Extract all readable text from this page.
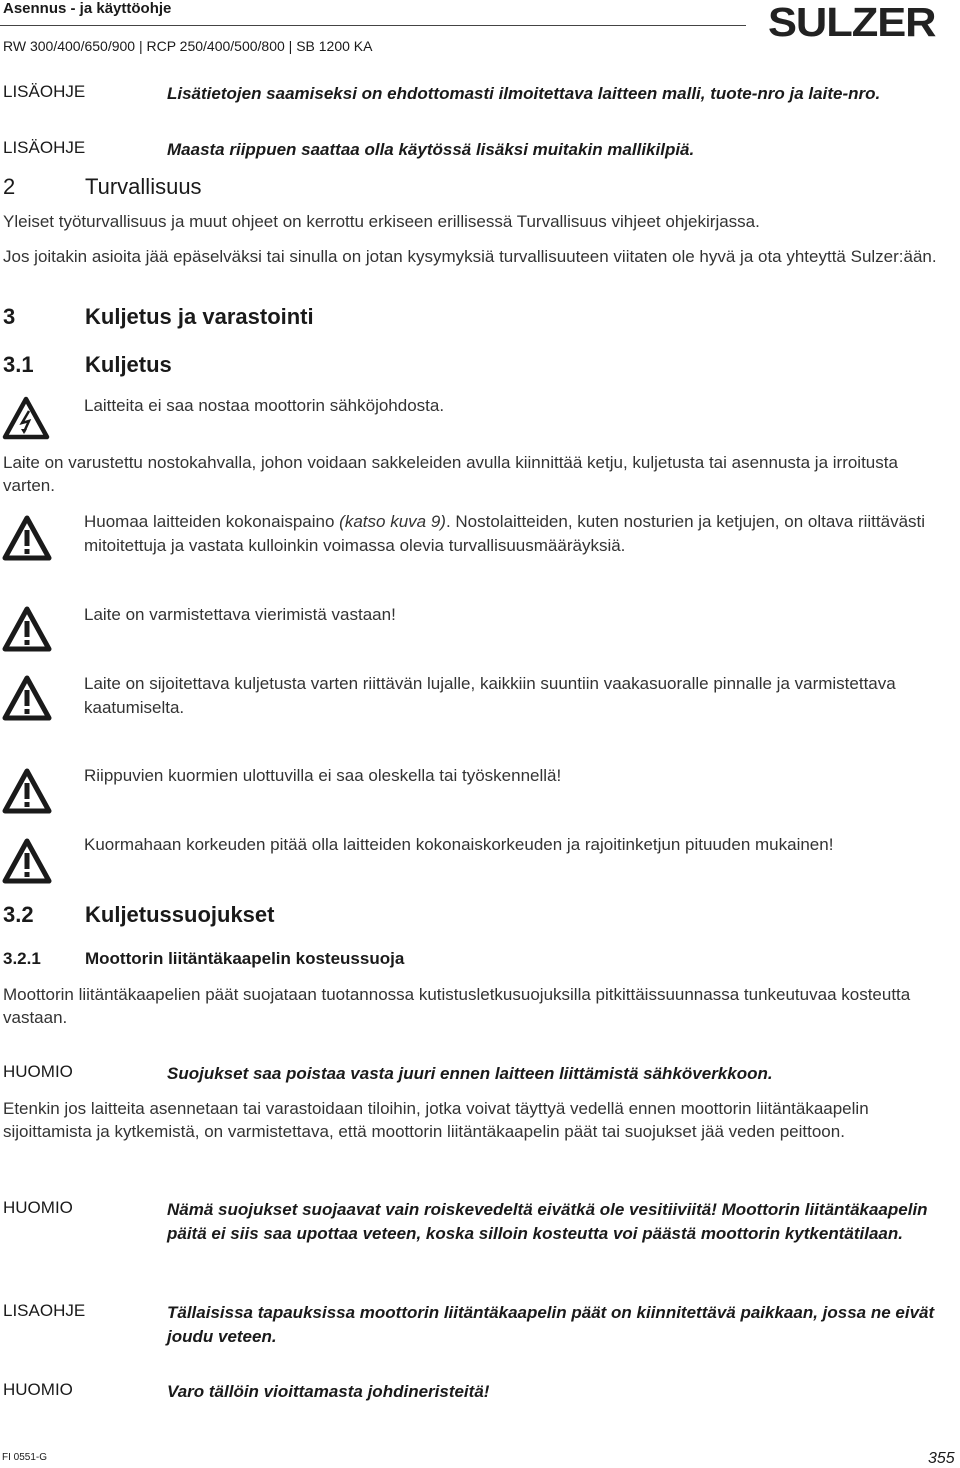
Asennus - ja käyttöohje
RW 300/400/650/900 | RCP 250/400/500/800 | SB 1200 KA
SULZER
LISÄOHJE	Lisätietojen saamiseksi on ehdottomasti ilmoitettava laitteen malli, tuote-nro ja laite-nro.
LISÄOHJE	Maasta riippuen saattaa olla käytössä lisäksi muitakin mallikilpiä.
2	Turvallisuus
Yleiset työturvallisuus ja muut ohjeet on kerrottu erkiseen erillisessä Turvallisuus vihjeet ohjekirjassa.
Jos joitakin asioita jää epäselväksi tai sinulla on jotan kysymyksiä turvallisuuteen viitaten ole hyvä ja ota yhteyttä Sulzer:ään.
3	Kuljetus ja varastointi
3.1 Kuljetus
Laitteita ei saa nostaa moottorin sähköjohdosta.
Laite on varustettu nostokahvalla, johon voidaan sakkeleiden avulla kiinnittää ketju, kuljetusta tai asennusta ja irroitusta varten.
Huomaa laitteiden kokonaispaino (katso kuva 9). Nostolaitteiden, kuten nosturien ja ketjujen, on oltava riittävästi mitoitettuja ja vastata kulloinkin voimassa olevia turvallisuusmääräyksiä.
Laite on varmistettava vierimistä vastaan!
Laite on sijoitettava kuljetusta varten riittävän lujalle, kaikkiin suuntiin vaakasuoralle pinnalle ja varmistettava kaatumiselta.
Riippuvien kuormien ulottuvilla ei saa oleskella tai työskennellä!
Kuormahaan korkeuden pitää olla laitteiden kokonaiskorkeuden ja rajoitinketjun pituuden mukainen!
3.2 Kuljetussuojukset
3.2.1	Moottorin liitäntäkaapelin kosteussuoja
Moottorin liitäntäkaapelien päät suojataan tuotannossa kutistusletkusuojuksilla pitkittäissuunnassa tunkeutuvaa kosteutta vastaan.
HUOMIO	Suojukset saa poistaa vasta juuri ennen laitteen liittämistä sähköverkkoon.
Etenkin jos laitteita asennetaan tai varastoidaan tiloihin, jotka voivat täyttyä vedellä ennen moottorin liitäntäkaapelin sijoittamista ja kytkemistä, on varmistettava, että moottorin liitäntäkaapelin päät tai suojukset jää veden peittoon.
HUOMIO	Nämä suojukset suojaavat vain roiskevedeltä eivätkä ole vesitiiviitä! Moottorin liitäntäkaapelin päitä ei siis saa upottaa veteen, koska silloin kosteutta voi päästä moottorin kytkentätilaan.
LISAOHJE	Tällaisissa tapauksissa moottorin liitäntäkaapelin päät on kiinnitettävä paikkaan, jossa ne eivät joudu veteen.
HUOMIO	Varo tällöin vioittamasta johdineristeitä!
FI 0551-G	355
